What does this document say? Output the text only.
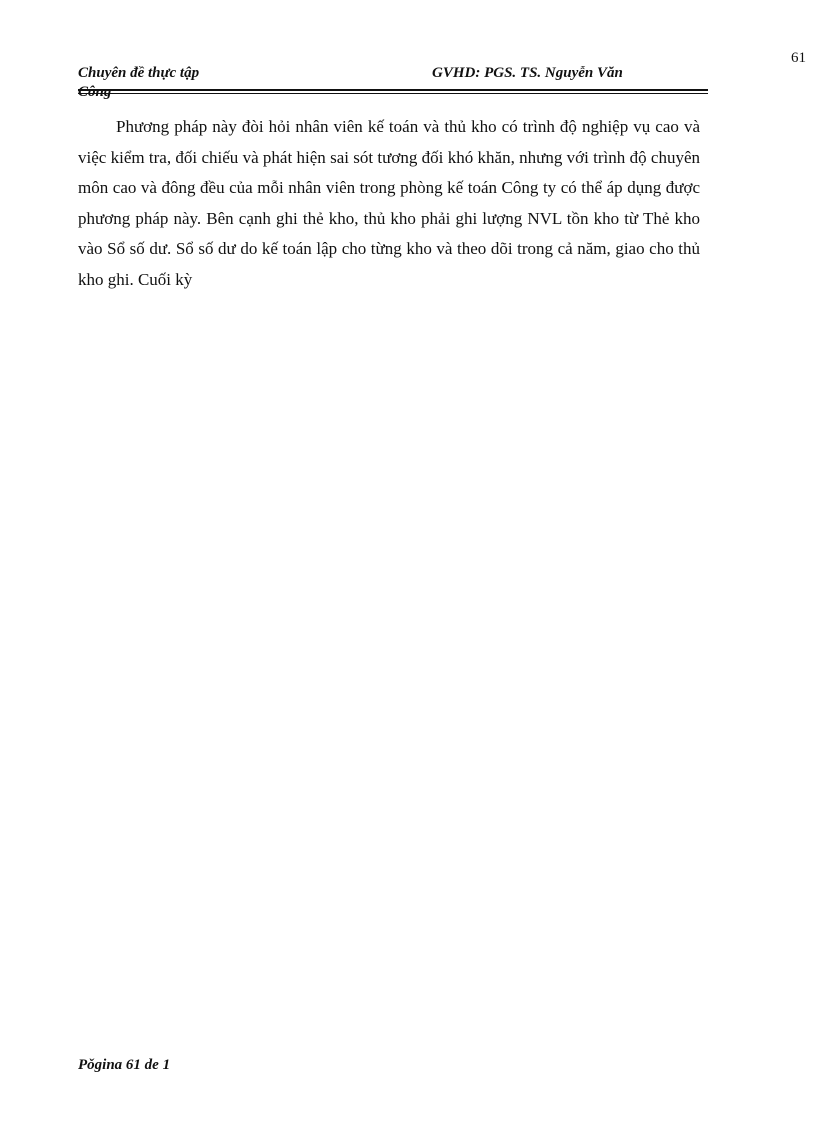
61
Chuyên đề thực tập	GVHD: PGS. TS. Nguyễn Văn
Công

Phương pháp này đòi hỏi nhân viên kế toán và thủ kho có trình độ nghiệp vụ cao và việc kiểm tra, đối chiếu và phát hiện sai sót tương đối khó khăn, nhưng với trình độ chuyên môn cao và đông đều của mỗi nhân viên trong phòng kế toán Công ty có thể áp dụng được phương pháp này. Bên cạnh ghi thẻ kho, thủ kho phải ghi lượng NVL tồn kho từ Thẻ kho vào Sổ số dư. Sổ số dư do kế toán lập cho từng kho và theo dõi trong cả năm, giao cho thủ kho ghi. Cuối kỳ

Pǒgina 61 de 1
